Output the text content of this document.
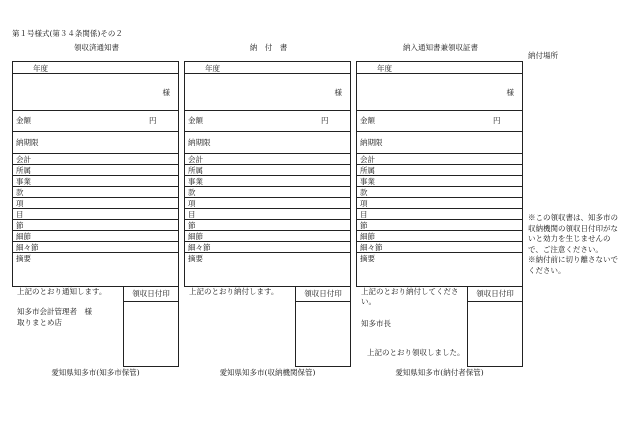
第１号様式(第３４条関係)その２
領収済通知書
年度
様
金額	円
納期限
会計
所属
事業
款
項
目
節
細節
細々節
摘要
上記のとおり通知します。
知多市会計管理者　様
取りまとめ店
領収日付印
愛知県知多市(知多市保管)
納　付　書
年度
様
金額	円
納期限
会計
所属
事業
款
項
目
節
細節
細々節
摘要
上記のとおり納付します。	領収日付印
愛知県知多市(収納機関保管)
納入通知書兼領収証書
年度
様
金額	円
納期限
会計
所属
事業
款
項
目
節
細節
細々節
摘要
上記のとおり納付してくださ
い。
知多市長
上記のとおり領収しました。
領収日付印
愛知県知多市(納付者保管)
納付場所
※この領収書は、知多市の収納機関の領収日付印がないと効力を生じませんので、ご注意ください。
※納付前に切り離さないでください。
